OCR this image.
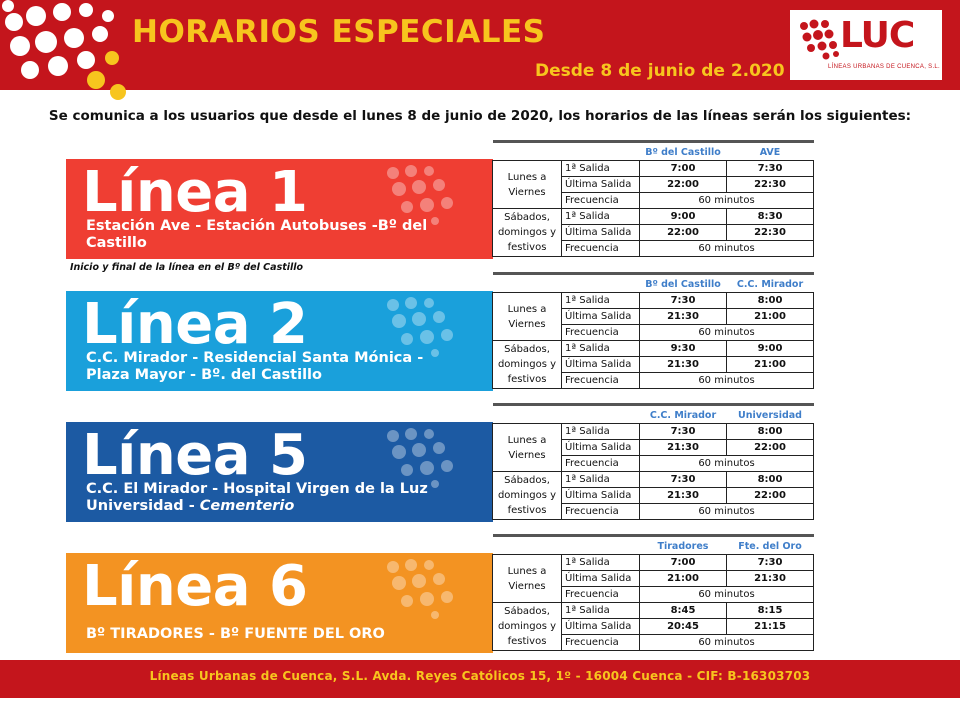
HORARIOS ESPECIALES
Desde 8 de junio de 2.020
LUC
LÍNEAS URBANAS DE CUENCA, S.L.
Se comunica a los usuarios que desde el lunes 8 de junio de 2020, los horarios de las líneas serán los siguientes:
Línea 1
Estación Ave - Estación Autobuses -Bº del Castillo
Inicio y final de la línea en el Bº del Castillo

		Bº del Castillo	AVE
Lunes a Viernes	1ª Salida	7:00	7:30
	Última Salida	22:00	22:30
	Frecuencia	60 minutos	
Sábados, domingos y festivos	1ª Salida	9:00	8:30
	Última Salida	22:00	22:30
	Frecuencia	60 minutos	
Línea 2
C.C. Mirador - Residencial Santa Mónica -
Plaza Mayor - Bº. del Castillo

		Bº del Castillo	C.C. Mirador
Lunes a Viernes	1ª Salida	7:30	8:00
	Última Salida	21:30	21:00
	Frecuencia	60 minutos	
Sábados, domingos y festivos	1ª Salida	9:30	9:00
	Última Salida	21:30	21:00
	Frecuencia	60 minutos	
Línea 5
C.C. El Mirador - Hospital Virgen de la Luz
Universidad - Cementerio

		C.C. Mirador	Universidad
Lunes a Viernes	1ª Salida	7:30	8:00
	Última Salida	21:30	22:00
	Frecuencia	60 minutos	
Sábados, domingos y festivos	1ª Salida	7:30	8:00
	Última Salida	21:30	22:00
	Frecuencia	60 minutos	
Línea 6
Bº TIRADORES - Bº FUENTE DEL ORO

		Tiradores	Fte. del Oro
Lunes a Viernes	1ª Salida	7:00	7:30
	Última Salida	21:00	21:30
	Frecuencia	60 minutos	
Sábados, domingos y festivos	1ª Salida	8:45	8:15
	Última Salida	20:45	21:15
	Frecuencia	60 minutos	
Líneas Urbanas de Cuenca, S.L. Avda. Reyes Católicos 15, 1º - 16004 Cuenca - CIF: B-16303703
